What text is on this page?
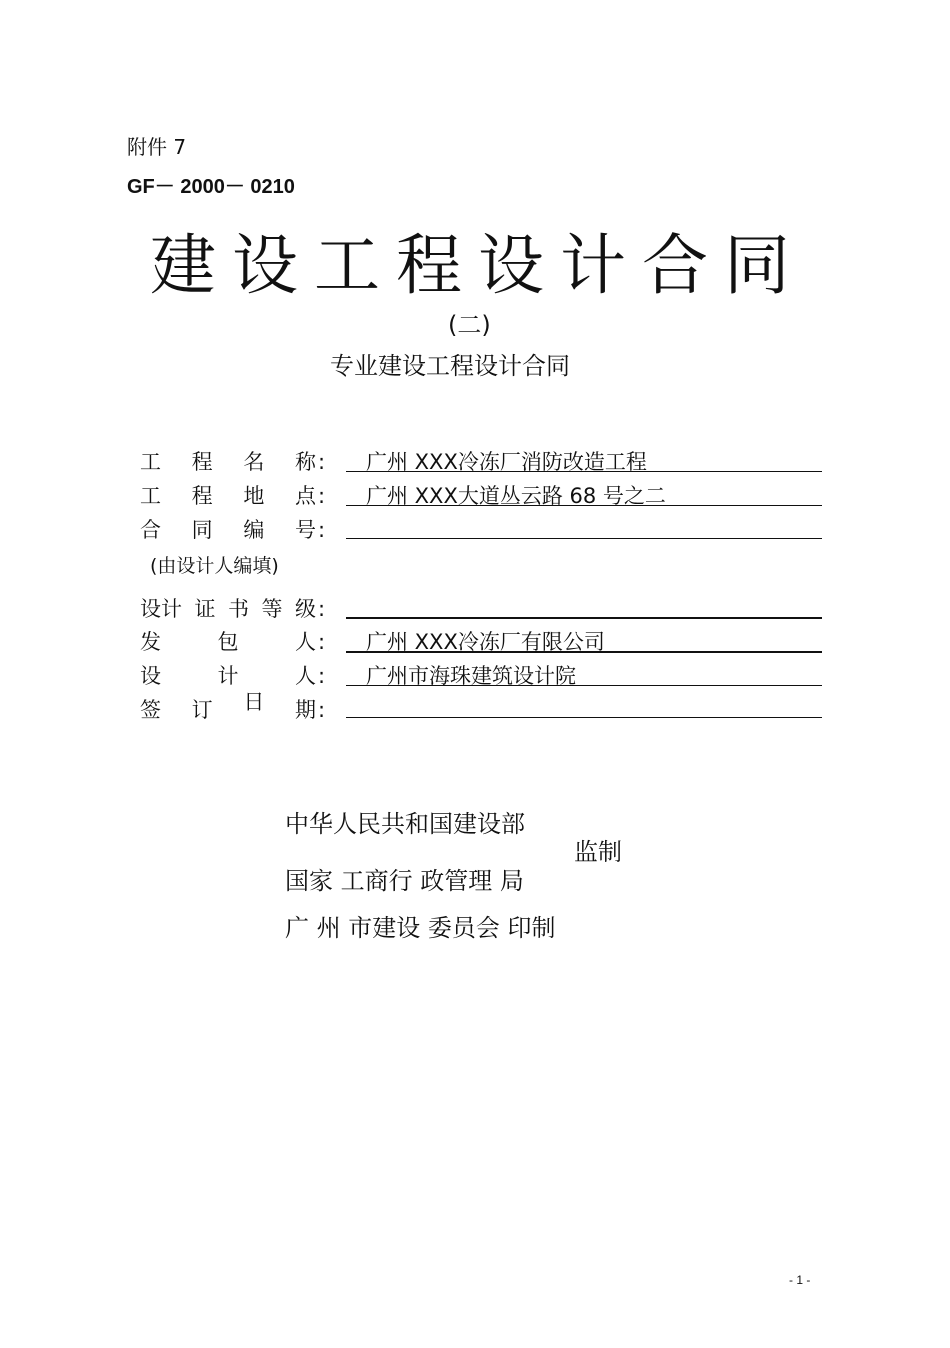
附件 7
GF－ 2000－ 0210
建设工程设计合同
(二)
专业建设工程设计合同
工 程 名 称 : 广州 XXX冷冻厂消防改造工程
工 程 地 点 : 广州 XXX大道丛云路 68 号之二
合 同 编 号 :
(由设计人编填)
设计 证 书 等 级 :
发	包	人 : 广州 XXX冷冻厂有限公司
设	计	人 : 广州市海珠建筑设计院
签 订 日 期 :
中华人民共和国建设部
监制
国家 工商行 政管理 局
广 州 市建设 委员会 印制
- 1 -
